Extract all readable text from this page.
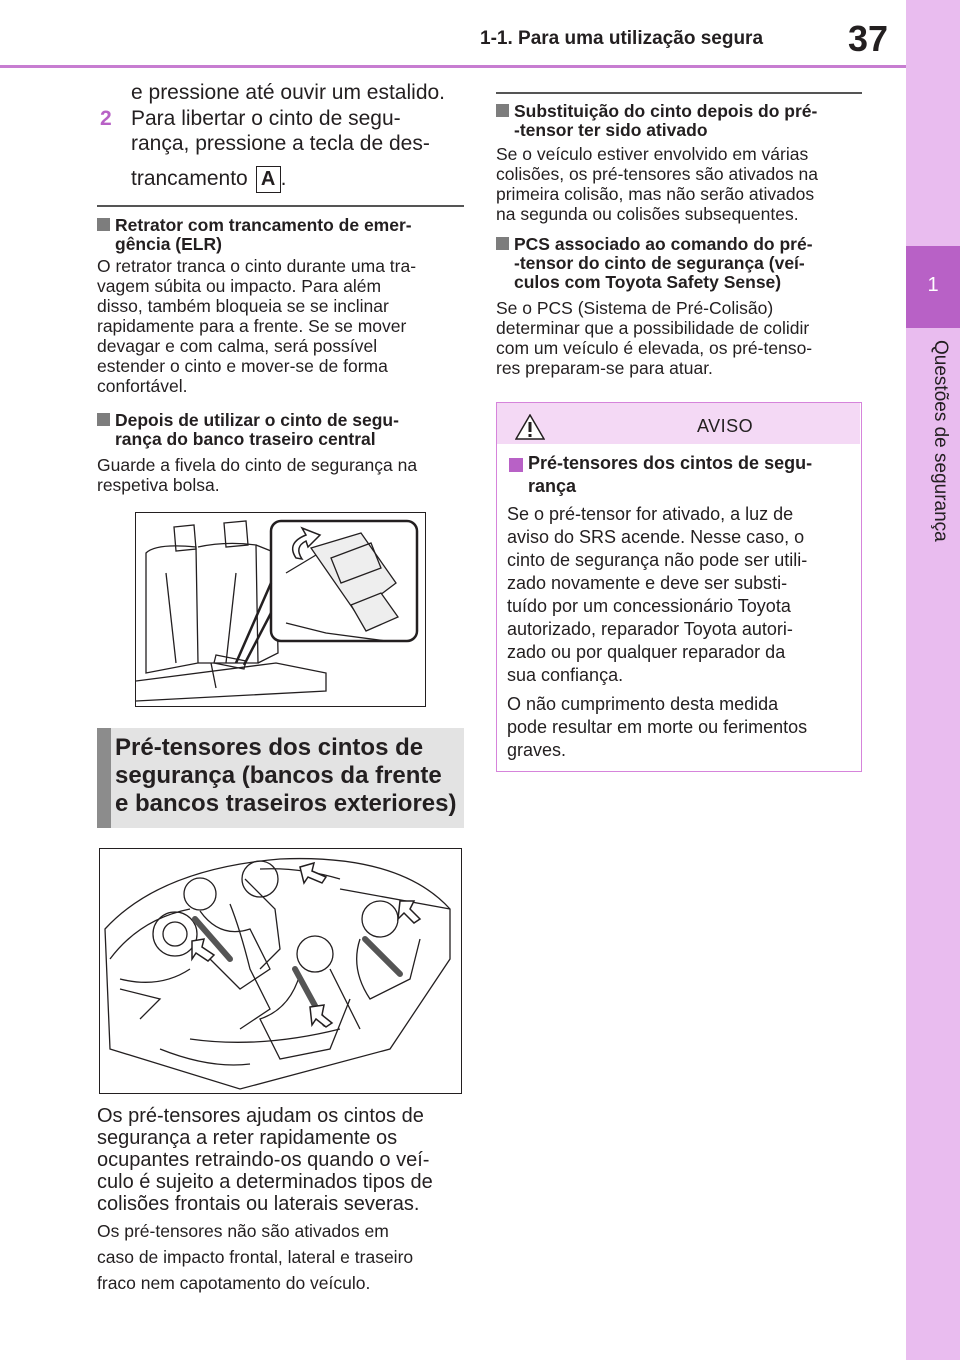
1-1. Para uma utilização segura 37
1
Questões de segurança
e pressione até ouvir um estalido.
2 Para libertar o cinto de segu-
rança, pressione a tecla de des-
trancamento A .
Retrator com trancamento de emer-
gência (ELR)
O retrator tranca o cinto durante uma tra-
vagem súbita ou impacto. Para além
disso, também bloqueia se se inclinar
rapidamente para a frente. Se se mover
devagar e com calma, será possível
estender o cinto e mover-se de forma
confortável.
Depois de utilizar o cinto de segu-
rança do banco traseiro central
Guarde a fivela do cinto de segurança na
respetiva bolsa.
Pré-tensores dos cintos de
segurança (bancos da frente
e bancos traseiros exteriores)
Os pré-tensores ajudam os cintos de
segurança a reter rapidamente os
ocupantes retraindo-os quando o veí-
culo é sujeito a determinados tipos de
colisões frontais ou laterais severas.
Os pré-tensores não são ativados em
caso de impacto frontal, lateral e traseiro
fraco nem capotamento do veículo.
Substituição do cinto depois do pré-
-tensor ter sido ativado
Se o veículo estiver envolvido em várias
colisões, os pré-tensores são ativados na
primeira colisão, mas não serão ativados
na segunda ou colisões subsequentes.
PCS associado ao comando do pré-
-tensor do cinto de segurança (veí-
culos com Toyota Safety Sense)
Se o PCS (Sistema de Pré-Colisão)
determinar que a possibilidade de colidir
com um veículo é elevada, os pré-tenso-
res preparam-se para atuar.
AVISO
Pré-tensores dos cintos de segu-
rança
Se o pré-tensor for ativado, a luz de
aviso do SRS acende. Nesse caso, o
cinto de segurança não pode ser utili-
zado novamente e deve ser substi-
tuído por um concessionário Toyota
autorizado, reparador Toyota autori-
zado ou por qualquer reparador da
sua confiança.
O não cumprimento desta medida
pode resultar em morte ou ferimentos
graves.
